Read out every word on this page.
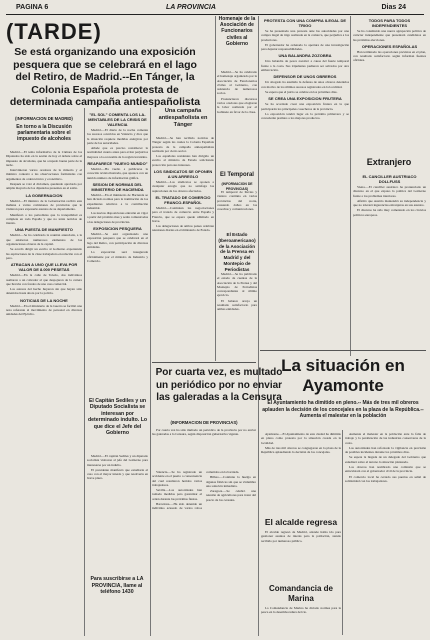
PAGINA 6	LA PROVINCIA	Dias 24
(TARDE)
Se está organizando una exposición pesquera que se celebrará en el lago del Retiro, de Madrid.--En Tánger, la Colonia Española protesta de determinada campaña antiespañolista
(INFORMACION DE MADRID)
En torno a la Discusión parlamentaria sobre el impuesto de alcoholes

Madrid.—El tema informativo de la Cámara de los Diputados ha sido en la sesión de hoy el debate sobre el impuesto de alcoholes, que ha ocupado buena parte de la tarde.

Intervinieron varios oradores de la minoría y el ministro contestó a las observaciones formuladas con argumentos de orden técnico y económico.

Después se votó el dictamen, quedando aprobado por amplia mayoría de los diputados presentes en el salón.

LA GOBERNACION

Madrid.—El ministro de la Gobernación recibió esta mañana a varias comisiones de provincias que le visitaron para exponerle asuntos de su departamento.

Manifestó a los periodistas que la tranquilidad es completa en toda España y que no tenía noticias de interés.

UNA PUESTA DE MANIFIESTO

Madrid.—Se ha celebrado la reunión anunciada, a la que asistieron numerosos elementos de las organizaciones obreras de la capital.

Se acordó dirigir un escrito al Gobierno exponiendo las aspiraciones de la clase trabajadora en relación con el paro.

ATRACAN A UNO QUE LLEVA POR VALOR DE 8.000 PESETAS

Madrid.—En la calle de Toledo, dos individuos asaltaron a un cobrador al que despojaron de la cartera que llevaba con fondos de una casa comercial.

Los autores del hecho huyeron sin que hayan sido detenidos hasta ahora por la policía.

NOTICIAS DE LA NOCHE

Madrid.—En el ministerio de la Guerra se facilitó una nota referente al movimiento de personal en diversas unidades del Ejército.

"EL SOL" COMENTA LOS LA- MENTABLES DE LA CRISIS DE VALENCIA

Madrid.—El diario de la noche comenta los sucesos ocurridos en Valencia y dice que la situación requiere medidas enérgicas por parte de las autoridades.

Añade que es preciso restablecer la normalidad cuanto antes para evitar perjuicios mayores a la economía de la región levantina.

REAPARECE "NUEVO MUNDO"

Madrid.—Ha vuelto a publicarse la conocida revista ilustrada, que aparece con un nutrido número de información gráfica.

SESION DE NORMAS DEL MINISTERIO DE HACIENDA

Madrid.—En el ministerio de Hacienda se han dictado normas para la tramitación de los expedientes relativos a la contribución industrial.

Las nuevas disposiciones entrarán en vigor a partir del próximo mes y serán comunicadas a las delegaciones de provincias.

EXPOSICION PESQUERA

Madrid.—Se está organizando una exposición pesquera que se celebrará en el lago del Retiro, con participación de diversas entidades.

La exposición será inaugurada oficialmente por el ministro de Industria y Comercio.

Para suscribirse a LA PROVINCIA, llame al teléfono 1430
Una campaña antiespañolista en Tánger

Madrid.—Se han recibido noticias de Tánger según las cuales la Colonia Española protesta de la campaña antiespañolista realizada por cierto sector.

Los españoles residentes han dirigido un escrito al ministro de Estado solicitando protección para sus intereses.

LOS SINDICATOS SE OPONEN A UN ARREGLO

Madrid.—Los sindicatos se oponen a cualquier arreglo que no satisfaga las aspiraciones de los obreros afectados.

EL TRATADO DE COMERCIO FRANCO-ESPAÑOL

Madrid.—Continúan las negociaciones para el tratado de comercio entre España y Francia, que se espera quede ultimado en breve.

Las delegaciones de ambos países celebran reuniones diarias en el ministerio de Estado.

Homenaje de la Asociación de Funcionarios civiles al Gobierno

Madrid.—Se ha celebrado el homenaje organizado por la Asociación de Funcionarios civiles al Gobierno, con asistencia de numerosos socios.

Pronunciaron discursos varios oradores que elogiaron la labor realizada por el Gabinete en favor de la clase.

El Temporal
(INFORMACION DE PROVINCIAS)

El temporal de lluvias y vientos continúa en varias provincias del norte, causando daños en las cosechas y comunicaciones.

El Estado (Iberoamericano) de la Asociación de la Prensa en Madrid y del Montepio de Periodistas

Madrid.—Se ha publicado el estado de cuentas de la Asociación de la Prensa y del Montepío de Periodistas correspondiente al último ejercicio.

El balance arroja un resultado satisfactorio para ambas entidades.

PROTESTA CON UNA COMPRA ILEGAL DE TRIGO

Se ha presentado una protesta ante las autoridades por una compra ilegal de trigo realizada en la comarca, que perjudica a los productores.

El gobernador ha ordenado la apertura de una investigación para depurar responsabilidades.

UNA BALANDRA ZOZOBRA

Una balandra de pesca zozobró a causa del fuerte temporal frente a la costa. Sus tripulantes pudieron ser salvados por otra embarcación.

DEFENSOR DE UNOS OBREROS

Un abogado ha asumido la defensa de unos obreros detenidos con motivo de los últimos sucesos registrados en la localidad.

Se espera que el juicio se celebre en los próximos días.

SE CREA UNA EXPOSICION FRUTERA

Se ha acordado crear una exposición frutera en la que participarán los principales cosecheros de la provincia.

La exposición tendrá lugar en la próxima primavera y se concederán premios a los mejores productos.

TODOS PARA TODOS INDEPENDIENTES

Se ha constituido una nueva agrupación política de carácter independiente que presentará candidatos en las próximas elecciones.

OPERACIONES ESPAÑOLAS

Han terminado las operaciones previstas en el plan, con resultado satisfactorio según informan fuentes oficiales.

Extranjero
EL CANCILLER AUSTRIACO DOLLFUSS

Viena.—El canciller austríaco ha pronunciado un discurso en el que expuso la política del Gobierno frente a los problemas interiores.

Afirmó que Austria mantendrá su independencia y que no tolerará ingerencias extranjeras en sus asuntos.

El discurso ha sido muy comentado en los círculos políticos europeos.

Por cuarta vez, es multado un periódico por no enviar las galeradas a la Censura
(INFORMACION DE PROVINCIAS)

Por cuarta vez ha sido multado un periódico de la provincia por no enviar las galeradas a la Censura, según disposición gubernativa vigente.

El Capitán Sediles y un Diputado Socialista se interesan por determinado indulto. Lo que dice el Jefe del Gobierno

Madrid.—El capitán Sediles y un diputado socialista visitaron al jefe del Gobierno para interesarse por un indulto.

El presidente manifestó que estudiaría el caso con el mayor interés y que resolvería en breve plazo.

Valencia.—Se ha registrado un accidente en el puerto a consecuencia del cual resultaron heridos varios trabajadores.

Sevilla.—Las autoridades han tomado medidas para garantizar el orden durante las próximas fiestas.

Barcelona.—Ha sido detenido un individuo acusado de varios robos cometidos en la barriada.

Bilbao.—Continúa la huelga en algunas fábricas sin que se vislumbre una solución inmediata.

Zaragoza.—Se celebró una reunión de agricultores para tratar del precio de los cereales.

La situación en Ayamonte
El Ayuntamiento ha dimitido en pleno.-- Más de tres mil obreros aplauden la decisión de los concejales en la plaza de la República.--Aumenta el malestar en la población

Ayamonte.—El Ayuntamiento de esta ciudad ha dimitido en pleno como protesta por la situación creada en la localidad.

Más de tres mil obreros se congregaron en la plaza de la República aplaudiendo la decisión de los concejales.

El alcalde regresa

El alcalde regresó de Madrid, adonde había ido para gestionar asuntos de interés para la población, siendo recibido por numeroso público.

Comandancia de Marina

La Comandancia de Marina ha dictado normas para la pesca en la desembocadura del río.

Aumenta el malestar en la población ante la falta de trabajo y la paralización de las industrias conserveras de la costa.

Las autoridades han reforzado la vigilancia en previsión de posibles incidentes durante los próximos días.

Se espera la llegada de un delegado del Gobierno que estudiará sobre el terreno la situación planteada.

Los obreros han nombrado una comisión que se entrevistará con el gobernador civil de la provincia.

El comercio local ha cerrado sus puertas en señal de solidaridad con los trabajadores.
